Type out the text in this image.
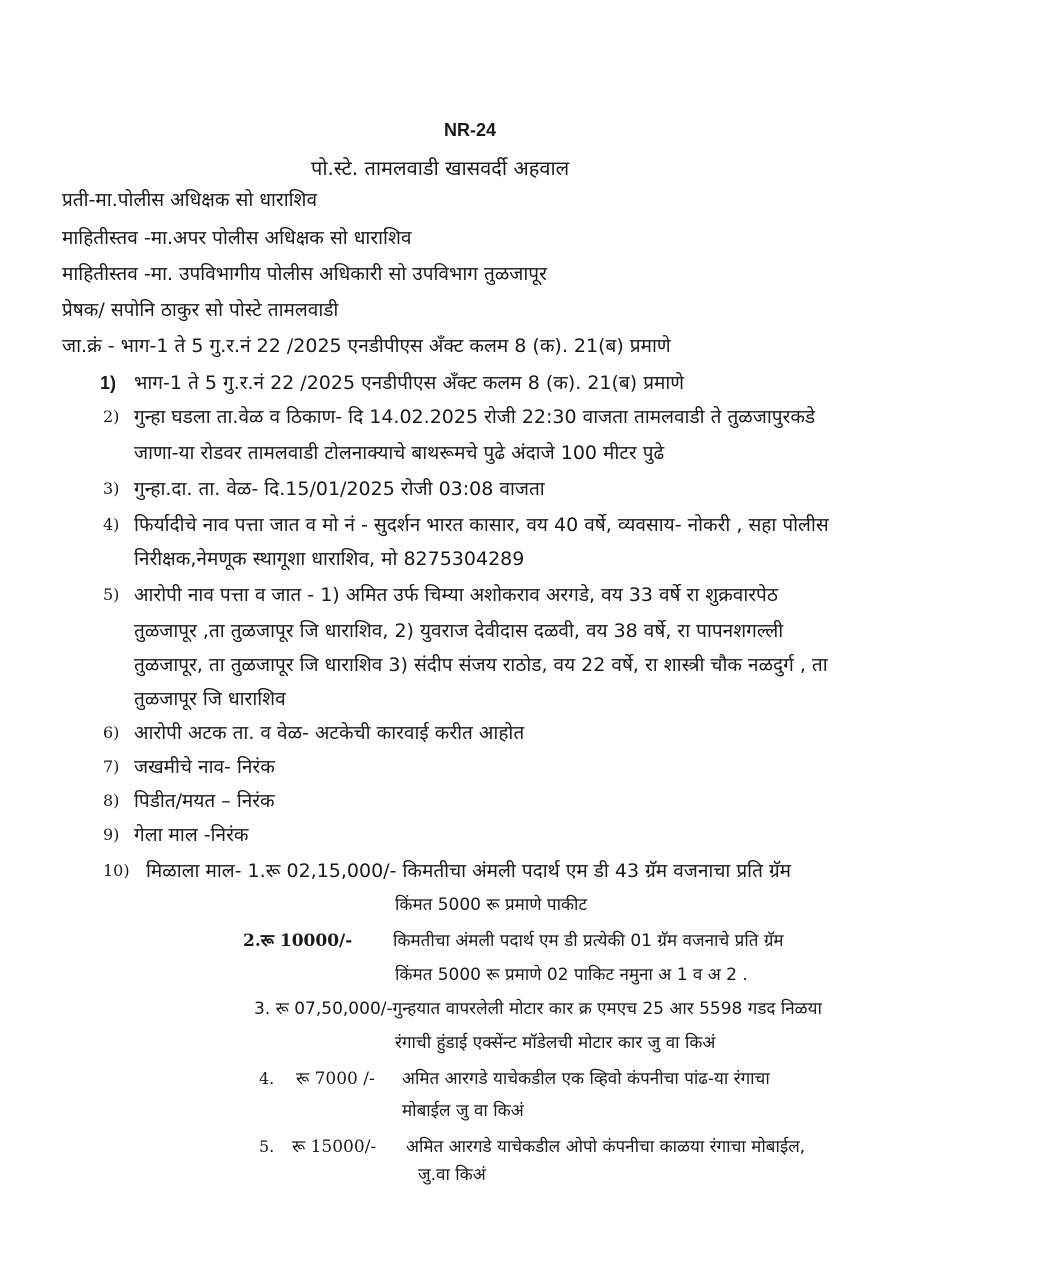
NR-24
पो.स्टे. तामलवाडी खासवर्दी अहवाल
प्रती-मा.पोलीस अधिक्षक सो धाराशिव
माहितीस्तव -मा.अपर पोलीस अधिक्षक सो धाराशिव
माहितीस्तव -मा. उपविभागीय पोलीस अधिकारी सो उपविभाग तुळजापूर
प्रेषक/ सपोनि ठाकुर सो पोस्टे तामलवाडी
जा.क्रं - भाग-1 ते 5 गु.र.नं 22 /2025 एनडीपीएस अँक्ट कलम 8 (क). 21(ब) प्रमाणे
1) भाग-1 ते 5 गु.र.नं 22 /2025 एनडीपीएस अँक्ट कलम 8 (क). 21(ब) प्रमाणे
2) गुन्हा घडला ता.वेळ व ठिकाण- दि 14.02.2025 रोजी 22:30 वाजता तामलवाडी ते तुळजापुरकडे
जाणा-या रोडवर तामलवाडी टोलनाक्याचे बाथरूमचे पुढे अंदाजे 100 मीटर पुढे
3) गुन्हा.दा. ता. वेळ- दि.15/01/2025 रोजी 03:08 वाजता
4) फिर्यादीचे नाव पत्ता जात व मो नं - सुदर्शन भारत कासार, वय 40 वर्षे, व्यवसाय- नोकरी , सहा पोलीस
निरीक्षक,नेमणूक स्थागूशा धाराशिव, मो 8275304289
5) आरोपी नाव पत्ता व जात - 1) अमित उर्फ चिम्या अशोकराव अरगडे, वय 33 वर्षे रा शुक्रवारपेठ
तुळजापूर ,ता तुळजापूर जि धाराशिव, 2) युवराज देवीदास दळवी, वय 38 वर्षे, रा पापनशगल्ली
तुळजापूर, ता तुळजापूर जि धाराशिव 3) संदीप संजय राठोड, वय 22 वर्षे, रा शास्त्री चौक नळदुर्ग , ता
तुळजापूर जि धाराशिव
6) आरोपी अटक ता. व वेळ- अटकेची कारवाई करीत आहोत
7) जखमीचे नाव- निरंक
8) पिडीत/मयत – निरंक
9) गेला माल -निरंक
10) मिळाला माल- 1.रू 02,15,000/- किमतीचा अंमली पदार्थ एम डी 43 ग्रॅम वजनाचा प्रति ग्रॅम
किंमत 5000 रू प्रमाणे पाकीट
2.रू 10000/- किमतीचा अंमली पदार्थ एम डी प्रत्येकी 01 ग्रॅम वजनाचे प्रति ग्रॅम
किंमत 5000 रू प्रमाणे 02 पाकिट नमुना अ 1 व अ 2 .
3. रू 07,50,000/-गुन्हयात वापरलेली मोटार कार क्र एमएच 25 आर 5598 गडद निळया
रंगाची हुंडाई एक्सेंन्ट मॉडेलची मोटार कार जु वा किअं
4. रू 7000 /- अमित आरगडे याचेकडील एक व्हिवो कंपनीचा पांढ-या रंगाचा
मोबाईल जु वा किअं
5. रू 15000/- अमित आरगडे याचेकडील ओपो कंपनीचा काळया रंगाचा मोबाईल,
जु.वा किअं
